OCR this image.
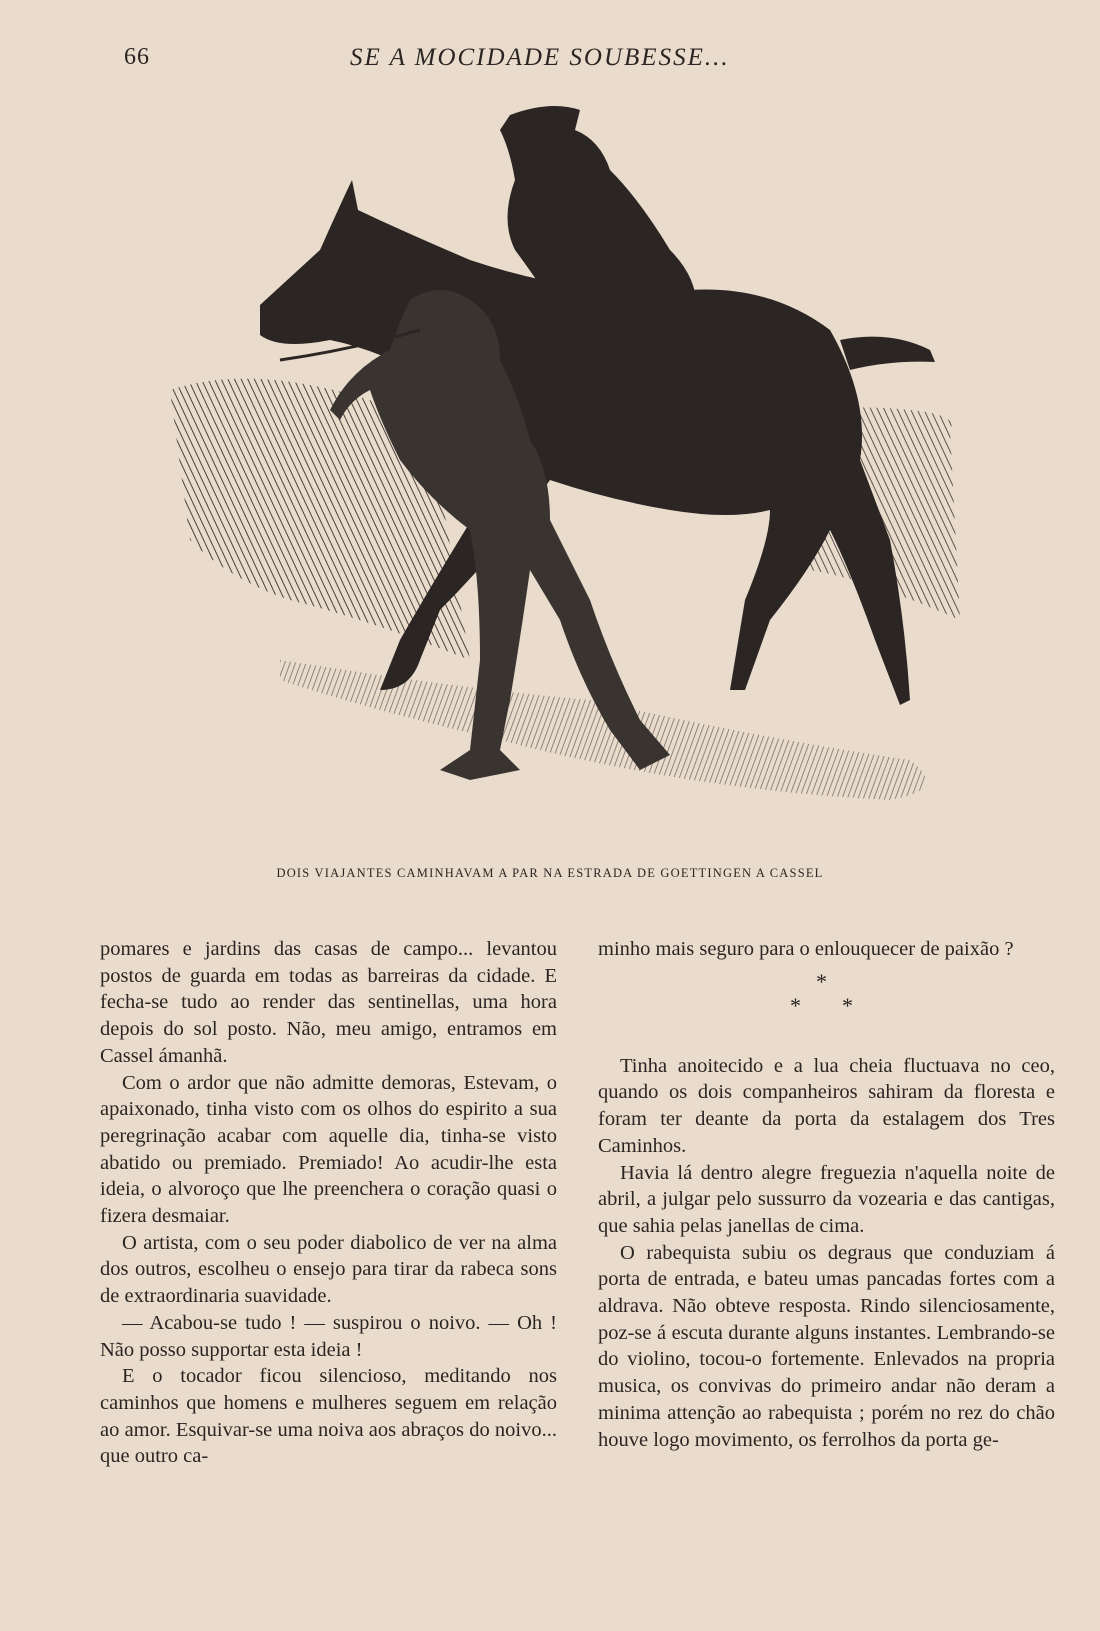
66	SE A MOCIDADE SOUBESSE...
DOIS VIAJANTES CAMINHAVAM A PAR NA ESTRADA DE GOETTINGEN A CASSEL

pomares e jardins das casas de campo... levantou postos de guarda em todas as barreiras da cidade. E fecha-se tudo ao render das sentinellas, uma hora depois do sol posto. Não, meu amigo, entramos em Cassel ámanhã.

Com o ardor que não admitte demoras, Estevam, o apaixonado, tinha visto com os olhos do espirito a sua peregrinação acabar com aquelle dia, tinha-se visto abatido ou premiado. Premiado! Ao acudir-lhe esta ideia, o alvoroço que lhe preenchera o coração quasi o fizera desmaiar.

O artista, com o seu poder diabolico de ver na alma dos outros, escolheu o ensejo para tirar da rabeca sons de extraordinaria suavidade.

— Acabou-se tudo ! — suspirou o noivo. — Oh ! Não posso supportar esta ideia !

E o tocador ficou silencioso, meditando nos caminhos que homens e mulheres seguem em relação ao amor. Esquivar-se uma noiva aos abraços do noivo... que outro ca-

minho mais seguro para o enlouquecer de paixão ?

*
* *

Tinha anoitecido e a lua cheia fluctuava no ceo, quando os dois companheiros sahiram da floresta e foram ter deante da porta da estalagem dos Tres Caminhos.

Havia lá dentro alegre freguezia n'aquella noite de abril, a julgar pelo sussurro da vozearia e das cantigas, que sahia pelas janellas de cima.

O rabequista subiu os degraus que conduziam á porta de entrada, e bateu umas pancadas fortes com a aldrava. Não obteve resposta. Rindo silenciosamente, poz-se á escuta durante alguns instantes. Lembrando-se do violino, tocou-o fortemente. Enlevados na propria musica, os convivas do primeiro andar não deram a minima attenção ao rabequista ; porém no rez do chão houve logo movimento, os ferrolhos da porta ge-
